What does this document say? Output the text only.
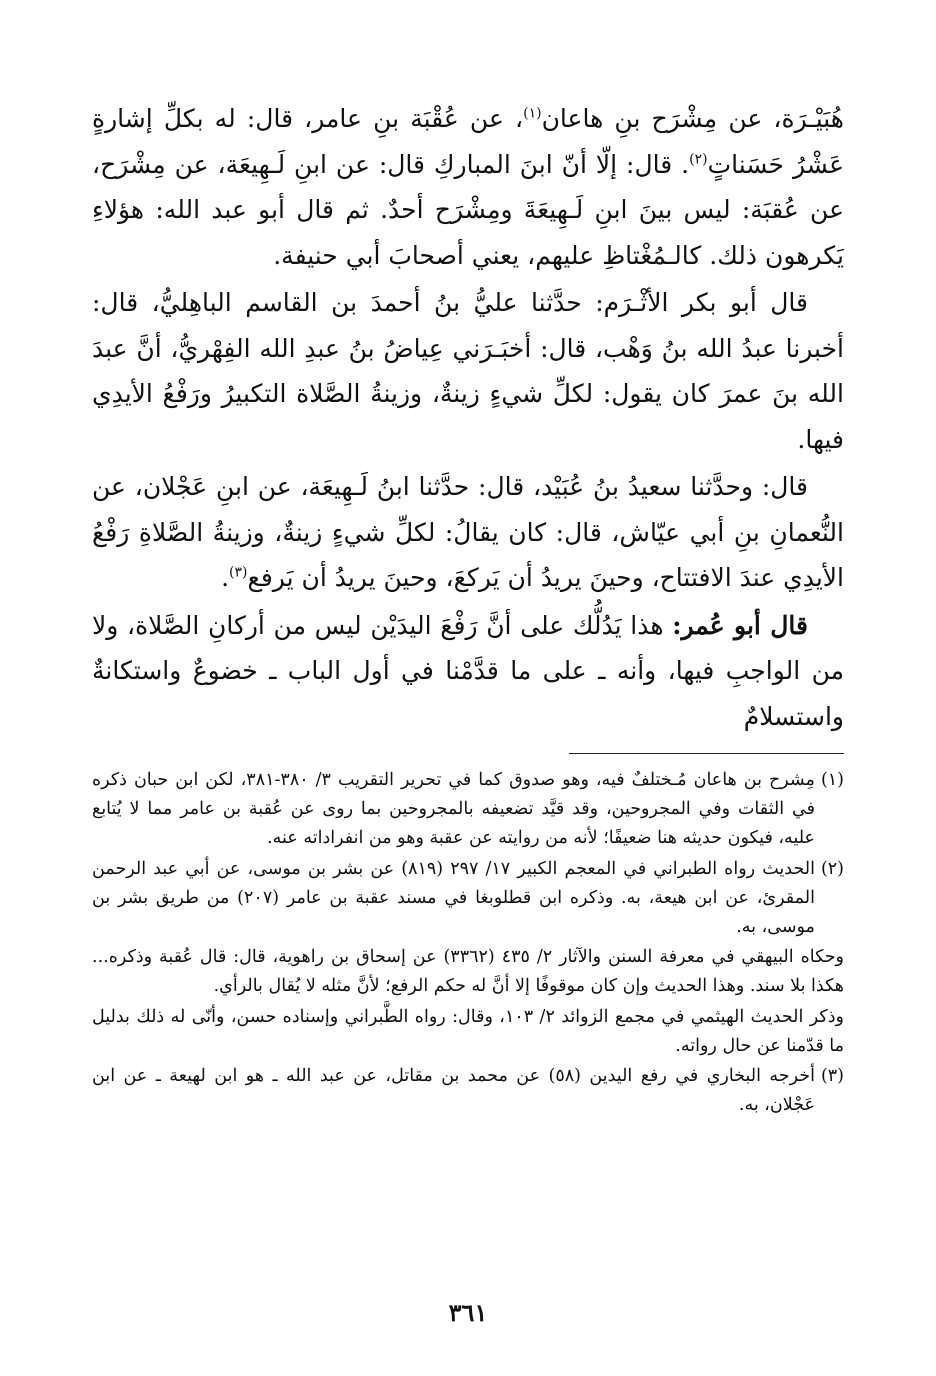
هُبَيْـرَة، عن مِشْرَح بنِ هاعان$^{(١)}$، عن عُقْبَة بنِ عامر، قال: له بكلِّ إشارةٍ عَشْرُ حَسَناتٍ$^{(٢)}$. قال: إلّا أنّ ابنَ المباركِ قال: عن ابنِ لَـهِيعَة، عن مِشْرَح، عن عُقبَة: ليس بينَ ابنِ لَـهِيعَةَ ومِشْرَح أحدٌ. ثم قال أبو عبد الله: هؤلاءِ يَكرهون ذلك. كالـمُغْتاظِ عليهم، يعني أصحابَ أبي حنيفة.

قال أبو بكر الأثْـرَم: حدَّثنا عليُّ بنُ أحمدَ بن القاسم الباهِليُّ، قال: أخبرنا عبدُ الله بنُ وَهْب، قال: أخبَـرَني عِياضُ بنُ عبدِ الله الفِهْريُّ، أنَّ عبدَ الله بنَ عمرَ كان يقول: لكلِّ شيءٍ زينةٌ، وزينةُ الصَّلاة التكبيرُ ورَفْعُ الأيدِي فيها.

قال: وحدَّثنا سعيدُ بنُ عُبَيْد، قال: حدَّثنا ابنُ لَـهِيعَة، عن ابنِ عَجْلان، عن النُّعمانِ بنِ أبي عيّاش، قال: كان يقالُ: لكلِّ شيءٍ زينةٌ، وزينةُ الصَّلاةِ رَفْعُ الأيدِي عندَ الافتتاح، وحينَ يريدُ أن يَركعَ، وحينَ يريدُ أن يَرفع$^{(٣)}$.

قال أبو عُمر: هذا يَدُلُّك على أنَّ رَفْعَ اليدَيْن ليس من أركانِ الصَّلاة، ولا من الواجبِ فيها، وأنه ـ على ما قدَّمْنا في أول الباب ـ خضوعٌ واستكانةٌ واستسلامٌ

(١)
مِشرح بن هاعان مُـختلفٌ فيه، وهو صدوق كما في تحرير التقريب ٣/ ٣٨٠-٣٨١، لكن ابن حبان ذكره في الثقات وفي المجروحين، وقد قيَّد تضعيفه بالمجروحين بما روى عن عُقبة بن عامر مما لا يُتابع عليه، فيكون حديثه هنا ضعيفًا؛ لأنه من روايته عن عقبة وهو من انفراداته عنه.
(٢)
الحديث رواه الطبراني في المعجم الكبير ١٧/ ٢٩٧ (٨١٩) عن بشر بن موسى، عن أبي عبد الرحمن المقرئ، عن ابن هيعة، به. وذكره ابن قطلوبغا في مسند عقبة بن عامر (٢٠٧) من طريق بشر بن موسى، به.
وحكاه البيهقي في معرفة السنن والآثار ٢/ ٤٣٥ (٣٣٦٢) عن إسحاق بن راهوية، قال: قال عُقبة وذكره... هكذا بلا سند. وهذا الحديث وإن كان موقوفًا إلا أنَّ له حكم الرفع؛ لأنَّ مثله لا يُقال بالرأي.
وذكر الحديث الهيثمي في مجمع الزوائد ٢/ ١٠٣، وقال: رواه الطَّبراني وإسناده حسن، وأنّى له ذلك بدليل ما قدّمنا عن حال رواته.
(٣)
أخرجه البخاري في رفع اليدين (٥٨) عن محمد بن مقاتل، عن عبد الله ـ هو ابن لهيعة ـ عن ابن عَجْلان، به.
٣٦١
